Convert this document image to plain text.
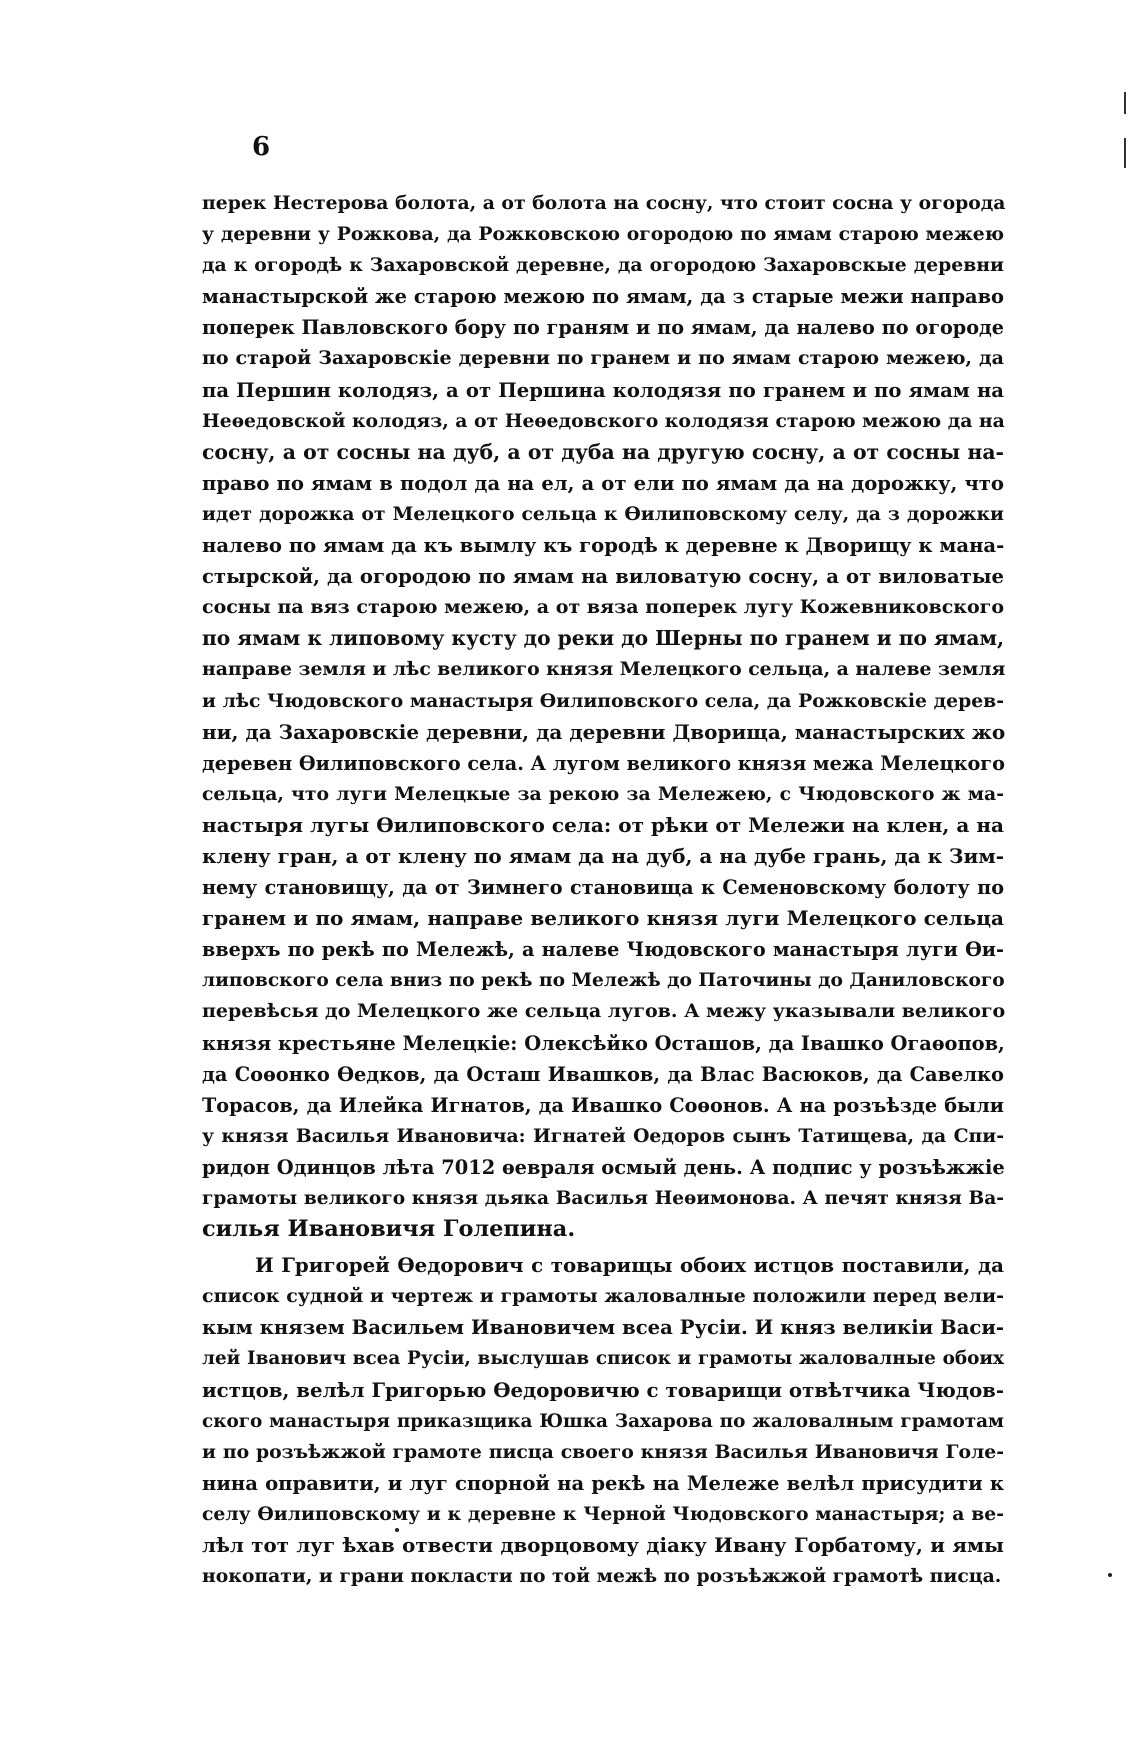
6
перек Нестерова болота, а от болота на сосну, что стоит сосна у огорода
у деревни у Рожкова, да Рожковскою огородою по ямам старою межею
да к огородѣ к Захаровской деревне, да огородою Захаровскые деревни
манастырской же старою межою по ямам, да з старые межи направо
поперек Павловского бору по граням и по ямам, да налево по огороде
по старой Захаровскіе деревни по гранем и по ямам старою межею, да
па Першин колодяз, а от Першина колодязя по гранем и по ямам на
Неѳедовской колодяз, а от Неѳедовского колодязя старою межою да на
сосну, а от сосны на дуб, а от дуба на другую сосну, а от сосны на-
право по ямам в подол да на ел, а от ели по ямам да на дорожку, что
идет дорожка от Мелецкого сельца к Ѳилиповскому селу, да з дорожки
налево по ямам да къ вымлу къ городѣ к деревне к Дворищу к мана-
стырской, да огородою по ямам на виловатую сосну, а от виловатые
сосны па вяз старою межею, а от вяза поперек лугу Кожевниковского
по ямам к липовому кусту до реки до Шерны по гранем и по ямам,
направе земля и лѣс великого князя Мелецкого сельца, а налеве земля
и лѣс Чюдовского манастыря Ѳилиповского села, да Рожковскіе дерев-
ни, да Захаровскіе деревни, да деревни Дворища, манастырских жо
деревен Ѳилиповского села. А лугом великого князя межа Мелецкого
сельца, что луги Мелецкые за рекою за Мележею, с Чюдовского ж ма-
настыря лугы Ѳилиповского села: от рѣки от Мележи на клен, а на
клену гран, а от клену по ямам да на дуб, а на дубе грань, да к Зим-
нему становищу, да от Зимнего становища к Семеновскому болоту по
гранем и по ямам, направе великого князя луги Мелецкого сельца
вверхъ по рекѣ по Мележѣ, а налеве Чюдовского манастыря луги Ѳи-
липовского села вниз по рекѣ по Мележѣ до Паточины до Даниловского
перевѣсья до Мелецкого же сельца лугов. А межу указывали великого
князя крестьяне Мелецкіе: Олексѣйко Осташов, да Івашко Огаѳопов,
да Соѳонко Ѳедков, да Осташ Ивашков, да Влас Васюков, да Савелко
Торасов, да Илейка Игнатов, да Ивашко Соѳонов. А на розъѣзде были
у князя Василья Ивановича: Игнатей Оедоров сынъ Татищева, да Спи-
ридон Одинцов лѣта 7012 ѳевраля осмый день. А подпис у розъѣжжіе
грамоты великого князя дьяка Василья Неѳимонова. А печят князя Ва-
силья Ивановичя Голепина.
И Григорей Ѳедорович с товарищы обоих истцов поставили, да
список судной и чертеж и грамоты жаловалные положили перед вели-
кым князем Васильем Ивановичем всеа Русіи. И княз великіи Васи-
лей Іванович всеа Русіи, выслушав список и грамоты жаловалные обоих
истцов, велѣл Григорью Ѳедоровичю с товарищи отвѣтчика Чюдов-
ского манастыря приказщика Юшка Захарова по жаловалным грамотам
и по розъѣжжой грамоте писца своего князя Василья Ивановичя Голе-
нина оправити, и луг спорной на рекѣ на Мележе велѣл присудити к
селу Ѳилиповскому и к деревне к Черной Чюдовского манастыря; а ве-
лѣл тот луг ѣхав отвести дворцовому діаку Ивану Горбатому, и ямы
нокопати, и грани покласти по той межѣ по розъѣжжой грамотѣ писца.
